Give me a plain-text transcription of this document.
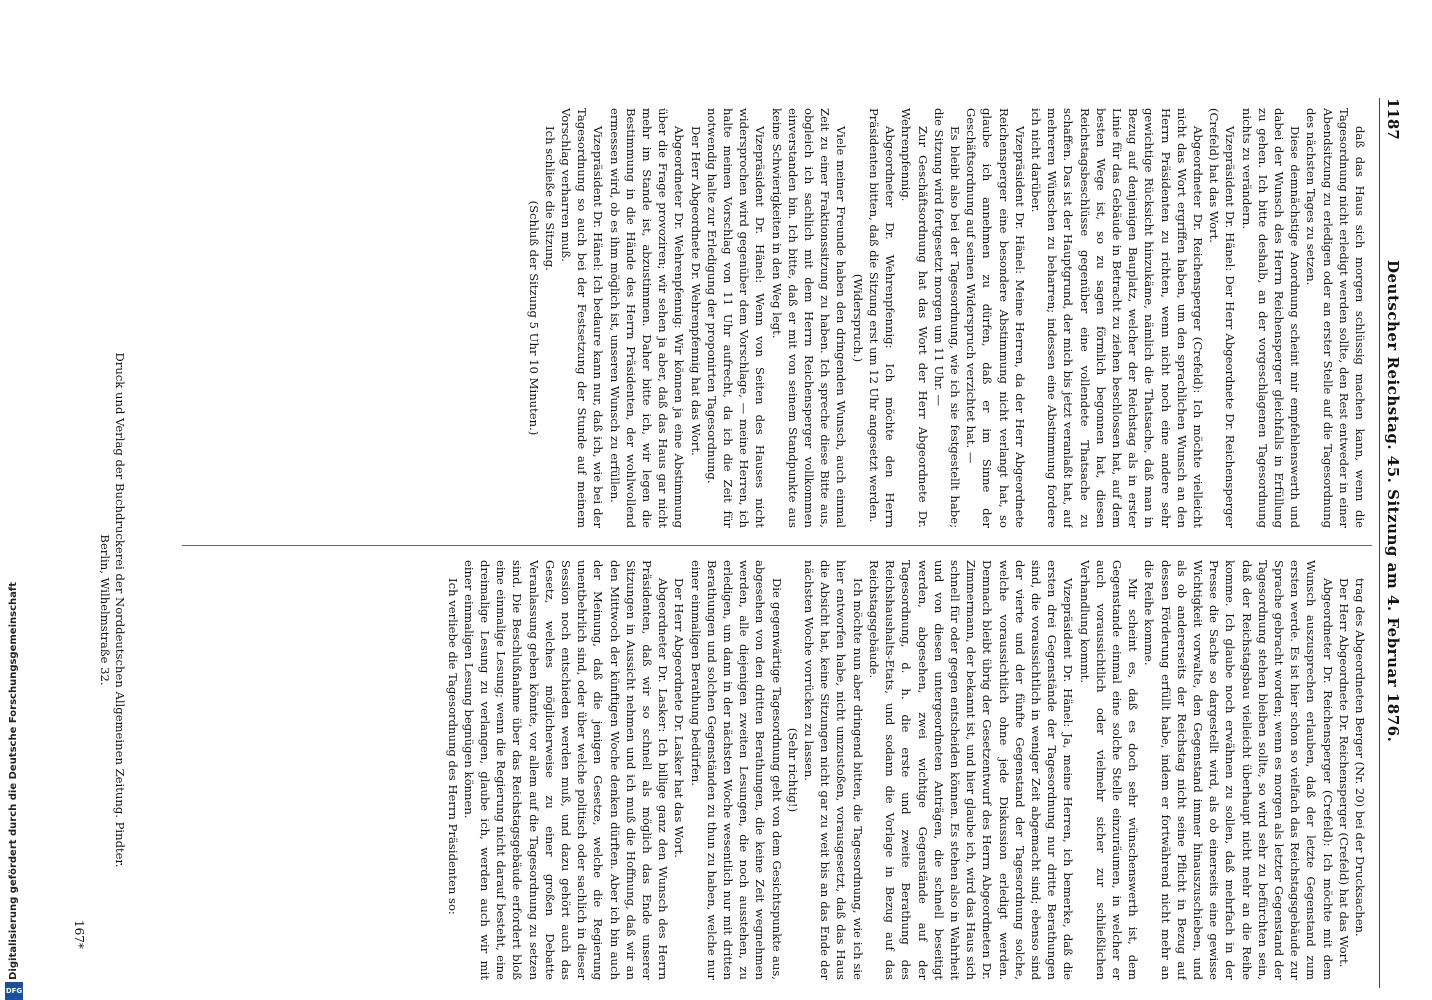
1187
Deutscher Reichstag. 45. Sitzung am 4. Februar 1876.

daß das Haus sich morgen schlüssig machen kann, wenn die Tagesordnung nicht erledigt werden sollte, den Rest entweder in einer Abendsitzung zu erledigen oder an erster Stelle auf die Tagesordnung des nächsten Tages zu setzen.

Diese demnächstige Anordnung scheint mir empfehlenswerth und dabei der Wunsch des Herrn Reichensperger gleichfalls in Erfüllung zu gehen. Ich bitte deshalb, an der vorgeschlagenen Tagesordnung nichts zu verändern.

Vizepräsident Dr. Hänel: Der Herr Abgeordnete Dr. Reichensperger (Crefeld) hat das Wort.

Abgeordneter Dr. Reichensperger (Crefeld): Ich möchte vielleicht nicht das Wort ergriffen haben, um den sprachlichen Wunsch an den Herrn Präsidenten zu richten, wenn nicht noch eine andere sehr gewichtige Rücksicht hinzukäme, nämlich die Thatsache, daß man in Bezug auf denjenigen Bauplatz, welcher der Reichstag als in erster Linie für das Gebäude in Betracht zu ziehen beschlossen hat, auf dem besten Wege ist, so zu sagen förmlich begonnen hat, diesen Reichstagsbeschlüsse gegenüber eine vollendete Thatsache zu schaffen. Das ist der Hauptgrund, der mich bis jetzt veranlaßt hat, auf mehreren Wünschen zu beharren; indessen eine Abstimmung fordere ich nicht darüber.

Vizepräsident Dr. Hänel: Meine Herren, da der Herr Abgeordnete Reichensperger eine besondere Abstimmung nicht verlangt hat, so glaube ich annehmen zu dürfen, daß er im Sinne der Geschäftsordnung auf seinen Widerspruch verzichtet hat. —

Es bleibt also bei der Tagesordnung, wie ich sie festgestellt habe; die Sitzung wird fortgesetzt morgen um 11 Uhr. —

Zur Geschäftsordnung hat das Wort der Herr Abgeordnete Dr. Wehrenpfennig.

Abgeordneter Dr. Wehrenpfennig: Ich möchte den Herrn Präsidenten bitten, daß die Sitzung erst um 12 Uhr angesetzt werden.

(Widerspruch.)

Viele meiner Freunde haben den dringenden Wunsch, auch einmal Zeit zu einer Fraktionssitzung zu haben. Ich spreche diese Bitte aus, obgleich ich sachlich mit dem Herrn Reichensperger vollkommen einverstanden bin. Ich bitte, daß er mit von seinem Standpunkte aus keine Schwierigkeiten in den Weg legt.

Vizepräsident Dr. Hänel: Wenn von Seiten des Hauses nicht widersprochen wird gegenüber dem Vorschlage, — meine Herren, ich halte meinen Vorschlag von 11 Uhr aufrecht, da ich die Zeit für notwendig halte zur Erledigung der proponirten Tagesordnung.

Der Herr Abgeordnete Dr. Wehrenpfennig hat das Wort.

Abgeordneter Dr. Wehrenpfennig: Wir können ja eine Abstimmung über die Frage provoziren; wir sehen ja aber, daß das Haus gar nicht mehr im Stande ist, abzustimmen. Daher bitte ich, wir legen die Bestimmung in die Hände des Herrn Präsidenten, der wohlwollend ermessen wird, ob es ihm möglich ist, unseren Wunsch zu erfüllen.

Vizepräsident Dr. Hänel: Ich bedaure kann nur, daß ich, wie bei der Tagesordnung so auch bei der Festsetzung der Stunde auf meinem Vorschlag verharren muß.

Ich schließe die Sitzung.

(Schluß der Sitzung 5 Uhr 10 Minuten.)

trag des Abgeordneten Berger (Nr. 20) bei der Drucksachen.

Der Herr Abgeordnete Dr. Reichensperger (Crefeld) hat das Wort.

Abgeordneter Dr. Reichensperger (Crefeld): Ich möchte mit dem Wunsch auszusprechen erlauben, daß der letzte Gegenstand zum ersten werde. Es ist hier schon so vielfach das Reichstagsgebäude zur Sprache gebracht worden; wenn es morgen als letzter Gegenstand der Tagesordnung stehen bleiben sollte, so wird sehr zu befürchten sein, daß der Reichstagsbau vielleicht überhaupt nicht mehr an die Reihe komme. Ich glaube noch erwähnen zu sollen, daß mehrfach in der Presse die Sache so dargestellt wird, als ob einerseits eine gewisse Wichtigkeit vorwalte, den Gegenstand immer hinauszuschieben, und als ob andererseits der Reichstag nicht seine Pflicht in Bezug auf dessen Förderung erfüllt habe, indem er fortwährend nicht mehr an die Reihe komme.

Mir scheint es, daß es doch sehr wünschenswerth ist, dem Gegenstande einmal eine solche Stelle einzuräumen, in welcher er auch voraussichtlich oder vielmehr sicher zur schließlichen Verhandlung kommt.

Vizepräsident Dr. Hänel: Ja, meine Herren, ich bemerke, daß die ersten drei Gegenstände der Tagesordnung nur dritte Berathungen sind, die voraussichtlich in weniger Zeit abgemacht sind; ebenso sind der vierte und der fünfte Gegenstand der Tagesordnung solche, welche voraussichtlich ohne jede Diskussion erledigt werden. Demnach bleibt übrig der Gesetzentwurf des Herrn Abgeordneten Dr. Zimmermann, der bekannt ist, und hier glaube ich, wird das Haus sich schnell für oder gegen entscheiden können. Es stehen also in Wahrheit und von diesen untergeordneten Anträgen, die schnell beseitigt werden, abgesehen, zwei wichtige Gegenstände auf der Tagesordnung, d. h. die erste und zweite Berathung des Reichshaushalts-Etats, und sodann die Vorlage in Bezug auf das Reichstagsgebäude.

Ich möchte nun aber dringend bitten, die Tagesordnung, wie ich sie hier entworfen habe, nicht umzustoßen, vorausgesetzt, daß das Haus die Absicht hat, keine Sitzungen nicht gar zu weit bis an das Ende der nächsten Woche vorrücken zu lassen.

(Sehr richtig!)

Die gegenwärtige Tagesordnung geht von dem Gesichtspunkte aus, abgesehen von den dritten Berathungen, die keine Zeit wegnehmen werden, alle diejenigen zweiten Lesungen, die noch ausstehen, zu erledigen, um dann in der nächsten Woche wesentlich nur mit dritten Berathungen und solchen Gegenständen zu thun zu haben, welche nur einer einmaligen Berathung bedürfen.

Der Herr Abgeordnete Dr. Lasker hat das Wort.

Abgeordneter Dr. Lasker: Ich billige ganz den Wunsch des Herrn Präsidenten, daß wir so schnell als möglich das Ende unserer Sitzungen in Aussicht nehmen und ich muß die Hoffnung, daß wir an den Mittwoch der künftigen Woche denken dürften. Aber ich bin auch der Meinung, daß die jenigen Gesetze, welche die Regierung unentbehrlich sind, oder über welche politisch oder sachlich in dieser Session noch entschieden werden muß, und dazu gehört auch das Gesetz, welches möglicherweise zu einer großen Debatte Veranlassung geben könnte, vor allem auf die Tagesordnung zu setzen sind. Die Beschlußnahme über das Reichstagsgebäude erfordert bloß eine einmalige Lesung; wenn die Regierung nicht darauf besteht, eine dreimalige Lesung zu verlangen, glaube ich, werden auch wir mit einer einmaligen Lesung begnügen können.

Ich verliebe die Tagesordnung des Herrn Präsidenten so:

Druck und Verlag der Buchdruckerei der Norddeutschen Allgemeinen Zeitung. Pindter.
Berlin, Wilhelmstraße 32.
167*
Digitalisierung gefördert durch die Deutsche Forschungsgemeinschaft
DFG
